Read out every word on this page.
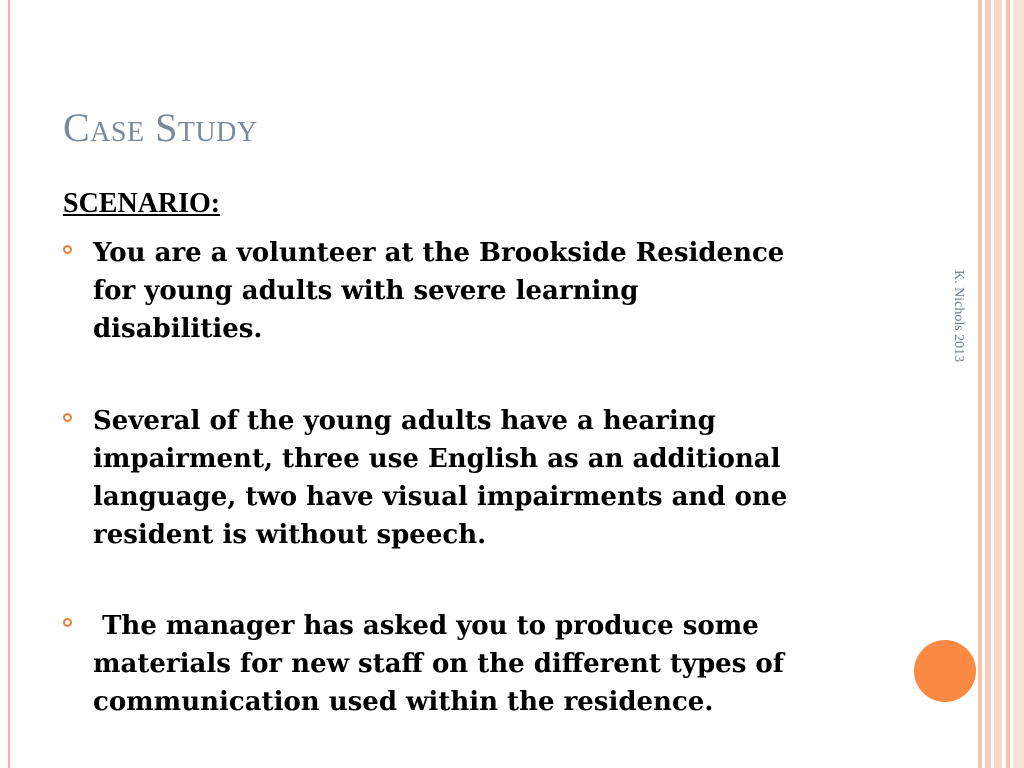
Case Study
SCENARIO:
You are a volunteer at the Brookside Residence
for young adults with severe learning
disabilities.
Several of the young adults have a hearing
impairment, three use English as an additional
language, two have visual impairments and one
resident is without speech.
The manager has asked you to produce some
materials for new staff on the different types of
communication used within the residence.
K. Nichols 2013
